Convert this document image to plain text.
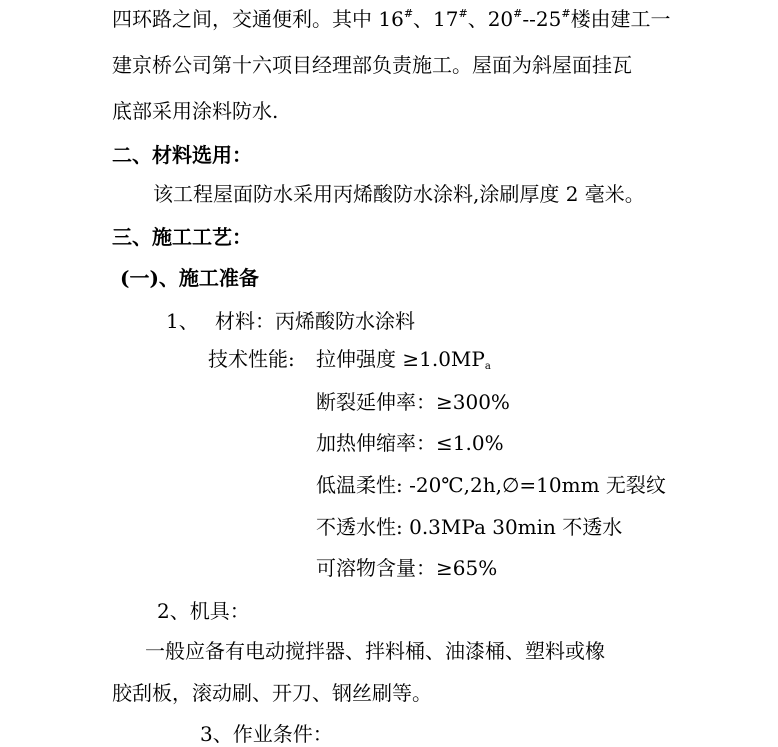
四环路之间，交通便利。其中 16#、17#、20#--25#楼由建工一
建京桥公司第十六项目经理部负责施工。屋面为斜屋面挂瓦
底部采用涂料防水.
二、材料选用：
该工程屋面防水采用丙烯酸防水涂料,涂刷厚度 2 毫米。
三、施工工艺：
(一)、施工准备
1、 材料：丙烯酸防水涂料
技术性能: 拉伸强度 $\ge 1.0MP_a$
断裂延伸率：≥300%
加热伸缩率：≤1.0%
低温柔性: -20℃,2h,∅=10mm 无裂纹
不透水性: 0.3MPa 30min 不透水
可溶物含量：≥65%
2、机具：
一般应备有电动搅拌器、拌料桶、油漆桶、塑料或橡
胶刮板，滚动刷、开刀、钢丝刷等。
3、作业条件：
